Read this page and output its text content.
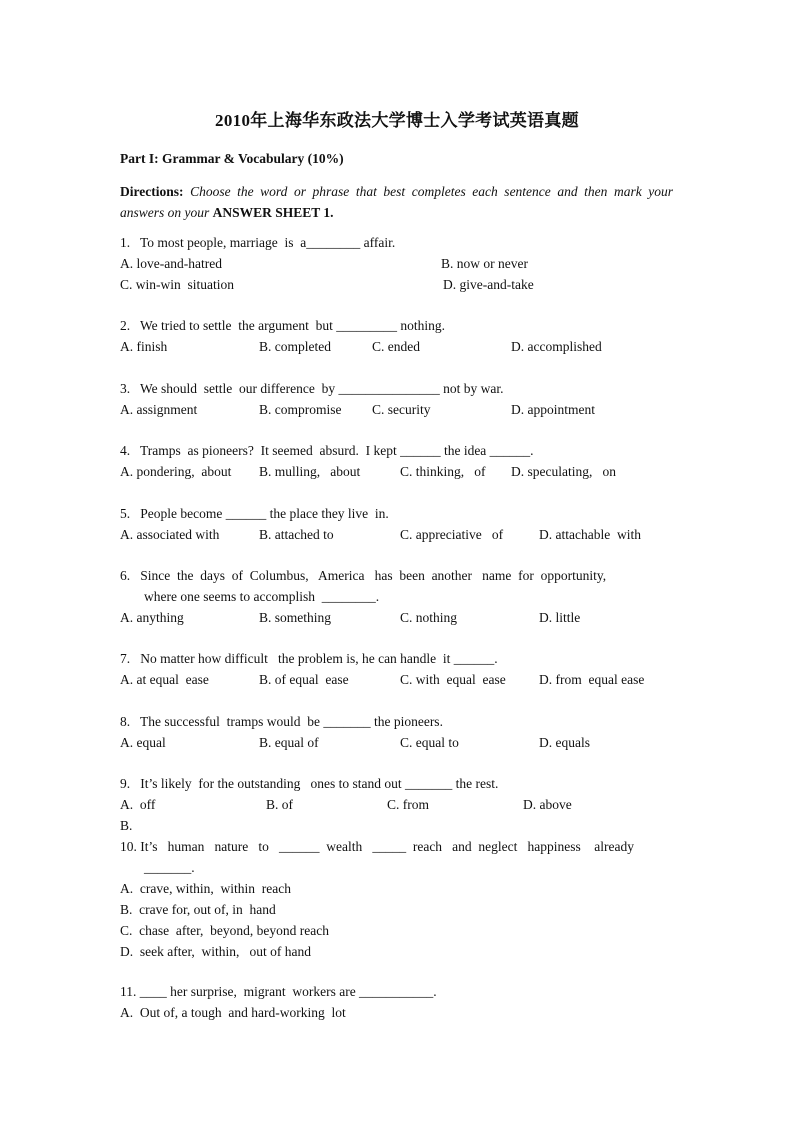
2010年上海华东政法大学博士入学考试英语真题
Part I: Grammar & Vocabulary (10%)
Directions: Choose the word or phrase that best completes each sentence and then mark your answers on your ANSWER SHEET 1.
1.   To most people, marriage  is  a________ affair.
A. love-and-hatred	B. now or never
C. win-win  situation	D. give-and-take
2.   We tried to settle  the argument  but _________ nothing.
A. finish	B. completed	C. ended	D. accomplished
3.   We should  settle  our difference  by _______________ not by war.
A. assignment	B. compromise C. security	D. appointment
4.   Tramps  as pioneers?  It seemed  absurd.  I kept ______ the idea ______.
A. pondering,  about B. mulling,   about	C. thinking,   of D. speculating,   on
5.   People become ______ the place they live  in.
A. associated with	B. attached to	C. appreciative   of	D. attachable  with
6.   Since  the  days  of  Columbus,   America   has  been  another   name  for  opportunity,
where one seems to accomplish  ________.
A. anything	B. something	C. nothing	D. little
7.   No matter how difficult   the problem is, he can handle  it ______.
A. at equal  ease	B. of equal  ease	C. with  equal  ease D. from  equal ease
8.   The successful  tramps would  be _______ the pioneers.
A. equal	B. equal of	C. equal to	D. equals
9.   It’s likely  for the outstanding   ones to stand out _______ the rest.
A.  off	B. of	C. from	D. above
B.
10. It’s   human   nature   to   ______  wealth   _____  reach   and  neglect   happiness    already
_______.
A.  crave, within,  within  reach
B.  crave for, out of, in  hand
C.  chase  after,  beyond, beyond reach
D.  seek after,  within,   out of hand
11. ____ her surprise,  migrant  workers are ___________.
A.  Out of, a tough  and hard-working  lot
